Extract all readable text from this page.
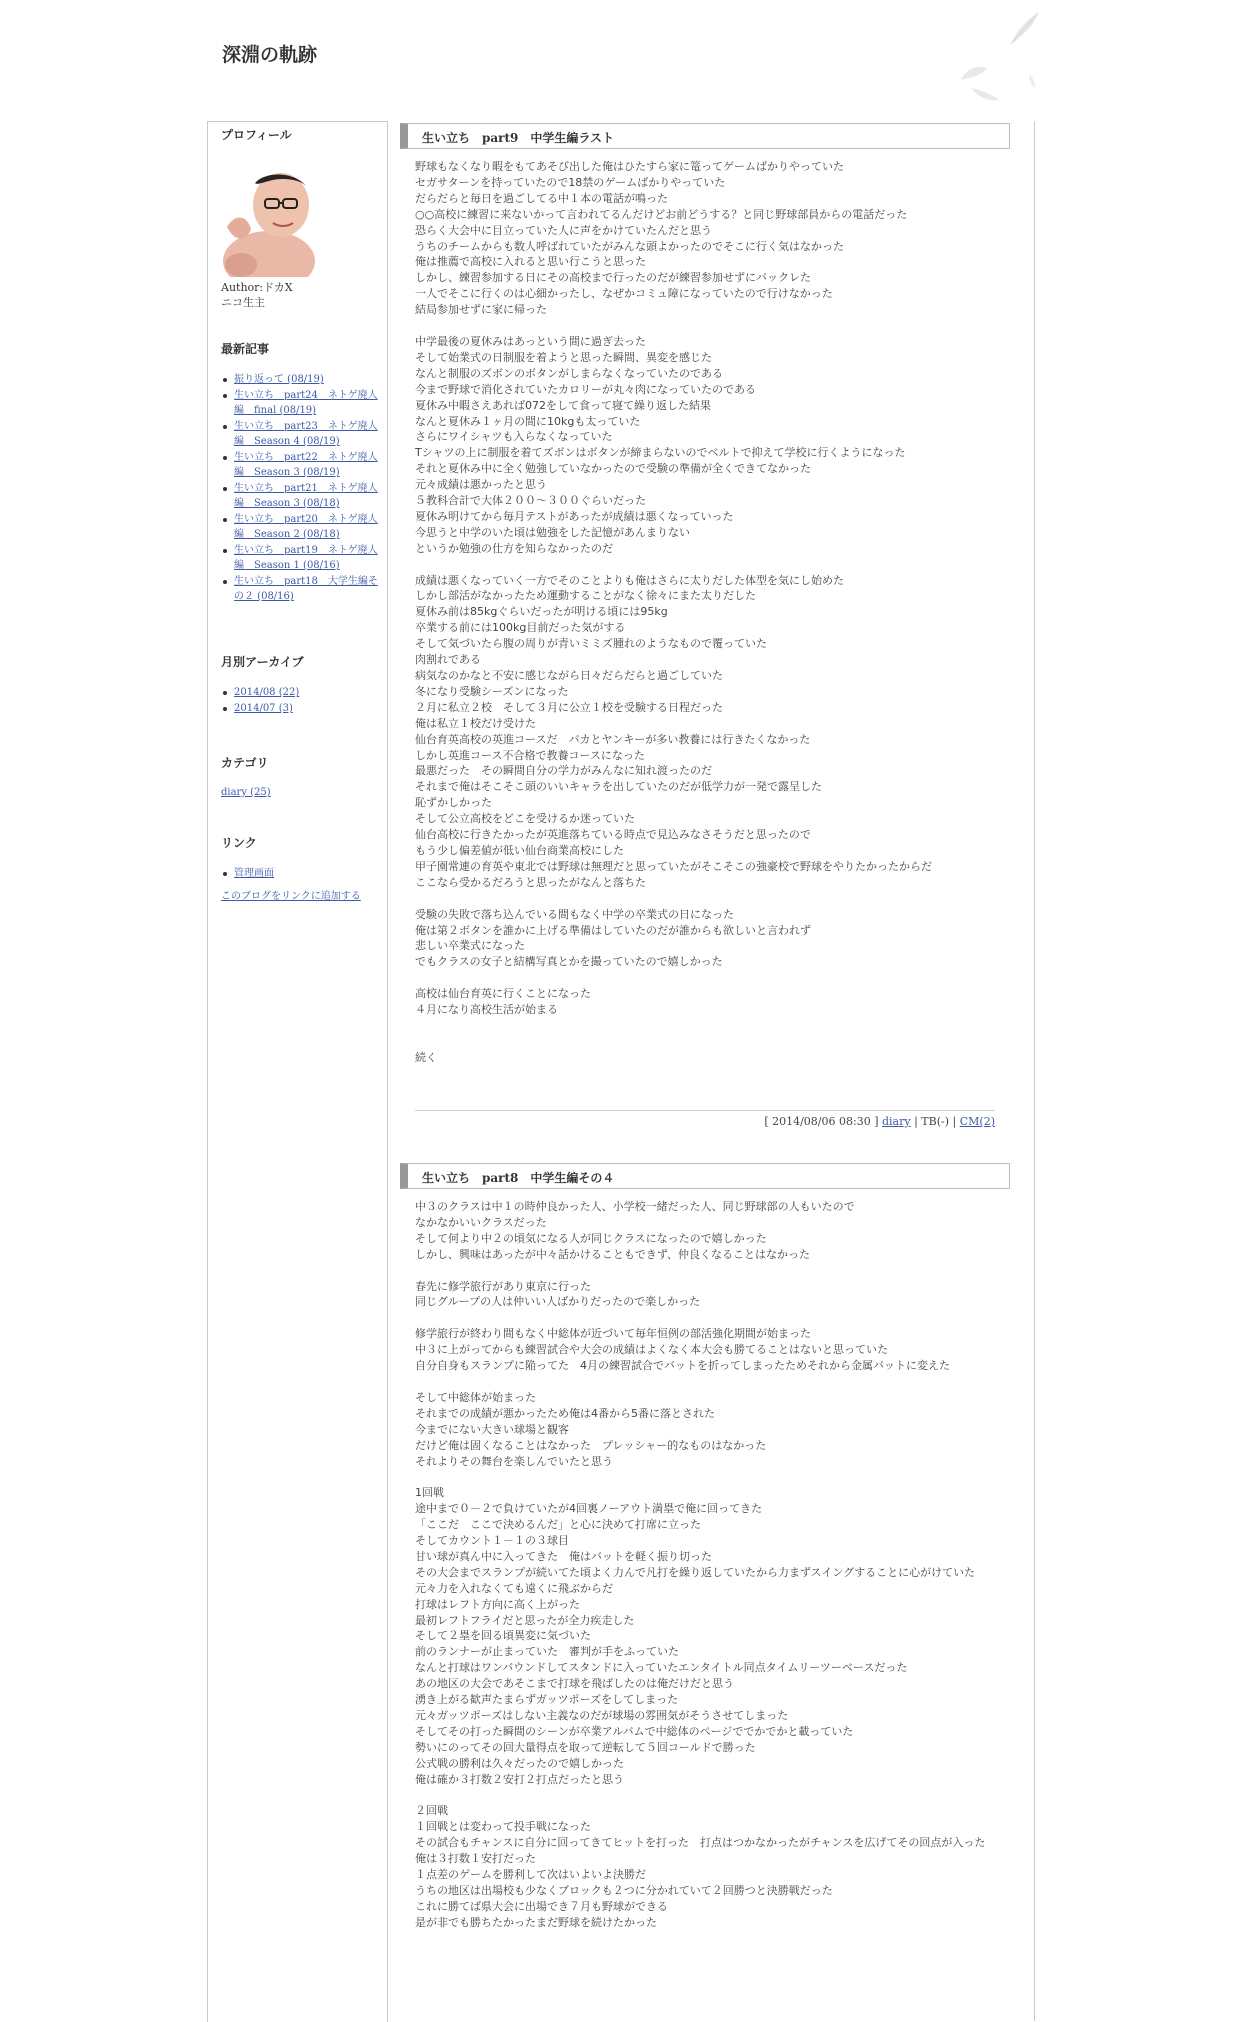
深淵の軌跡
プロフィール
Author:ドカX
ニコ生主
最新記事
振り返って (08/19)
生い立ち　part24　ネトゲ廃人編　final (08/19)
生い立ち　part23　ネトゲ廃人編　Season 4 (08/19)
生い立ち　part22　ネトゲ廃人編　Season 3 (08/19)
生い立ち　part21　ネトゲ廃人編　Season 3 (08/18)
生い立ち　part20　ネトゲ廃人編　Season 2 (08/18)
生い立ち　part19　ネトゲ廃人編　Season 1 (08/16)
生い立ち　part18　大学生編その２ (08/16)
月別アーカイブ
2014/08 (22)
2014/07 (3)
カテゴリ
diary (25)
リンク
管理画面
このブログをリンクに追加する
生い立ち　part9　中学生編ラスト

野球もなくなり暇をもてあそび出した俺はひたすら家に篭ってゲームばかりやっていた
セガサターンを持っていたので18禁のゲームばかりやっていた
だらだらと毎日を過ごしてる中１本の電話が鳴った
○○高校に練習に来ないかって言われてるんだけどお前どうする？と同じ野球部員からの電話だった
恐らく大会中に目立っていた人に声をかけていたんだと思う
うちのチームからも数人呼ばれていたがみんな頭よかったのでそこに行く気はなかった
俺は推薦で高校に入れると思い行こうと思った
しかし、練習参加する日にその高校まで行ったのだが練習参加せずにバックレた
一人でそこに行くのは心細かったし、なぜかコミュ障になっていたので行けなかった
結局参加せずに家に帰った

中学最後の夏休みはあっという間に過ぎ去った
そして始業式の日制服を着ようと思った瞬間、異変を感じた
なんと制服のズボンのボタンがしまらなくなっていたのである
今まで野球で消化されていたカロリーが丸々肉になっていたのである
夏休み中暇さえあれば072をして食って寝て繰り返した結果
なんと夏休み１ヶ月の間に10kgも太っていた
さらにワイシャツも入らなくなっていた
Tシャツの上に制服を着てズボンはボタンが締まらないのでベルトで抑えて学校に行くようになった
それと夏休み中に全く勉強していなかったので受験の準備が全くできてなかった
元々成績は悪かったと思う
５教科合計で大体２００～３００ぐらいだった
夏休み明けてから毎月テストがあったが成績は悪くなっていった
今思うと中学のいた頃は勉強をした記憶があんまりない
というか勉強の仕方を知らなかったのだ

成績は悪くなっていく一方でそのことよりも俺はさらに太りだした体型を気にし始めた
しかし部活がなかったため運動することがなく徐々にまた太りだした
夏休み前は85kgぐらいだったが明ける頃には95kg
卒業する前には100kg目前だった気がする
そして気づいたら腹の周りが青いミミズ腫れのようなもので覆っていた
肉割れである
病気なのかなと不安に感じながら日々だらだらと過ごしていた
冬になり受験シーズンになった
２月に私立２校　そして３月に公立１校を受験する日程だった
俺は私立１校だけ受けた
仙台育英高校の英進コースだ　バカとヤンキーが多い教養には行きたくなかった
しかし英進コース不合格で教養コースになった
最悪だった　その瞬間自分の学力がみんなに知れ渡ったのだ
それまで俺はそこそこ頭のいいキャラを出していたのだが低学力が一発で露呈した
恥ずかしかった
そして公立高校をどこを受けるか迷っていた
仙台高校に行きたかったが英進落ちている時点で見込みなさそうだと思ったので
もう少し偏差値が低い仙台商業高校にした
甲子園常連の育英や東北では野球は無理だと思っていたがそこそこの強豪校で野球をやりたかったからだ
ここなら受かるだろうと思ったがなんと落ちた

受験の失敗で落ち込んでいる間もなく中学の卒業式の日になった
俺は第２ボタンを誰かに上げる準備はしていたのだが誰からも欲しいと言われず
悲しい卒業式になった
でもクラスの女子と結構写真とかを撮っていたので嬉しかった

高校は仙台育英に行くことになった
４月になり高校生活が始まる

続く

[ 2014/08/06 08:30 ] diary | TB(-) | CM(2)
生い立ち　part8　中学生編その４

中３のクラスは中１の時仲良かった人、小学校一緒だった人、同じ野球部の人もいたので
なかなかいいクラスだった
そして何より中２の頃気になる人が同じクラスになったので嬉しかった
しかし、興味はあったが中々話かけることもできず、仲良くなることはなかった

春先に修学旅行があり東京に行った
同じグループの人は仲いい人ばかりだったので楽しかった

修学旅行が終わり間もなく中総体が近づいて毎年恒例の部活強化期間が始まった
中３に上がってからも練習試合や大会の成績はよくなく本大会も勝てることはないと思っていた
自分自身もスランプに陥ってた　4月の練習試合でバットを折ってしまったためそれから金属バットに変えた

そして中総体が始まった
それまでの成績が悪かったため俺は4番から5番に落とされた
今までにない大きい球場と観客
だけど俺は固くなることはなかった　プレッシャー的なものはなかった
それよりその舞台を楽しんでいたと思う

1回戦
途中まで０－２で負けていたが4回裏ノーアウト満塁で俺に回ってきた
「ここだ　ここで決めるんだ」と心に決めて打席に立った
そしてカウント１－１の３球目
甘い球が真ん中に入ってきた　俺はバットを軽く振り切った
その大会までスランプが続いてた頃よく力んで凡打を繰り返していたから力まずスイングすることに心がけていた
元々力を入れなくても遠くに飛ぶからだ
打球はレフト方向に高く上がった
最初レフトフライだと思ったが全力疾走した
そして２塁を回る頃異変に気づいた
前のランナーが止まっていた　審判が手をふっていた
なんと打球はワンバウンドしてスタンドに入っていたエンタイトル同点タイムリーツーベースだった
あの地区の大会であそこまで打球を飛ばしたのは俺だけだと思う
湧き上がる歓声たまらずガッツポーズをしてしまった
元々ガッツポーズはしない主義なのだが球場の雰囲気がそうさせてしまった
そしてその打った瞬間のシーンが卒業アルバムで中総体のページででかでかと載っていた
勢いにのってその回大量得点を取って逆転して５回コールドで勝った
公式戦の勝利は久々だったので嬉しかった
俺は確か３打数２安打２打点だったと思う

２回戦
１回戦とは変わって投手戦になった
その試合もチャンスに自分に回ってきてヒットを打った　打点はつかなかったがチャンスを広げてその回点が入った
俺は３打数１安打だった
１点差のゲームを勝利して次はいよいよ決勝だ
うちの地区は出場校も少なくブロックも２つに分かれていて２回勝つと決勝戦だった
これに勝てば県大会に出場でき７月も野球ができる
是が非でも勝ちたかったまだ野球を続けたかった
